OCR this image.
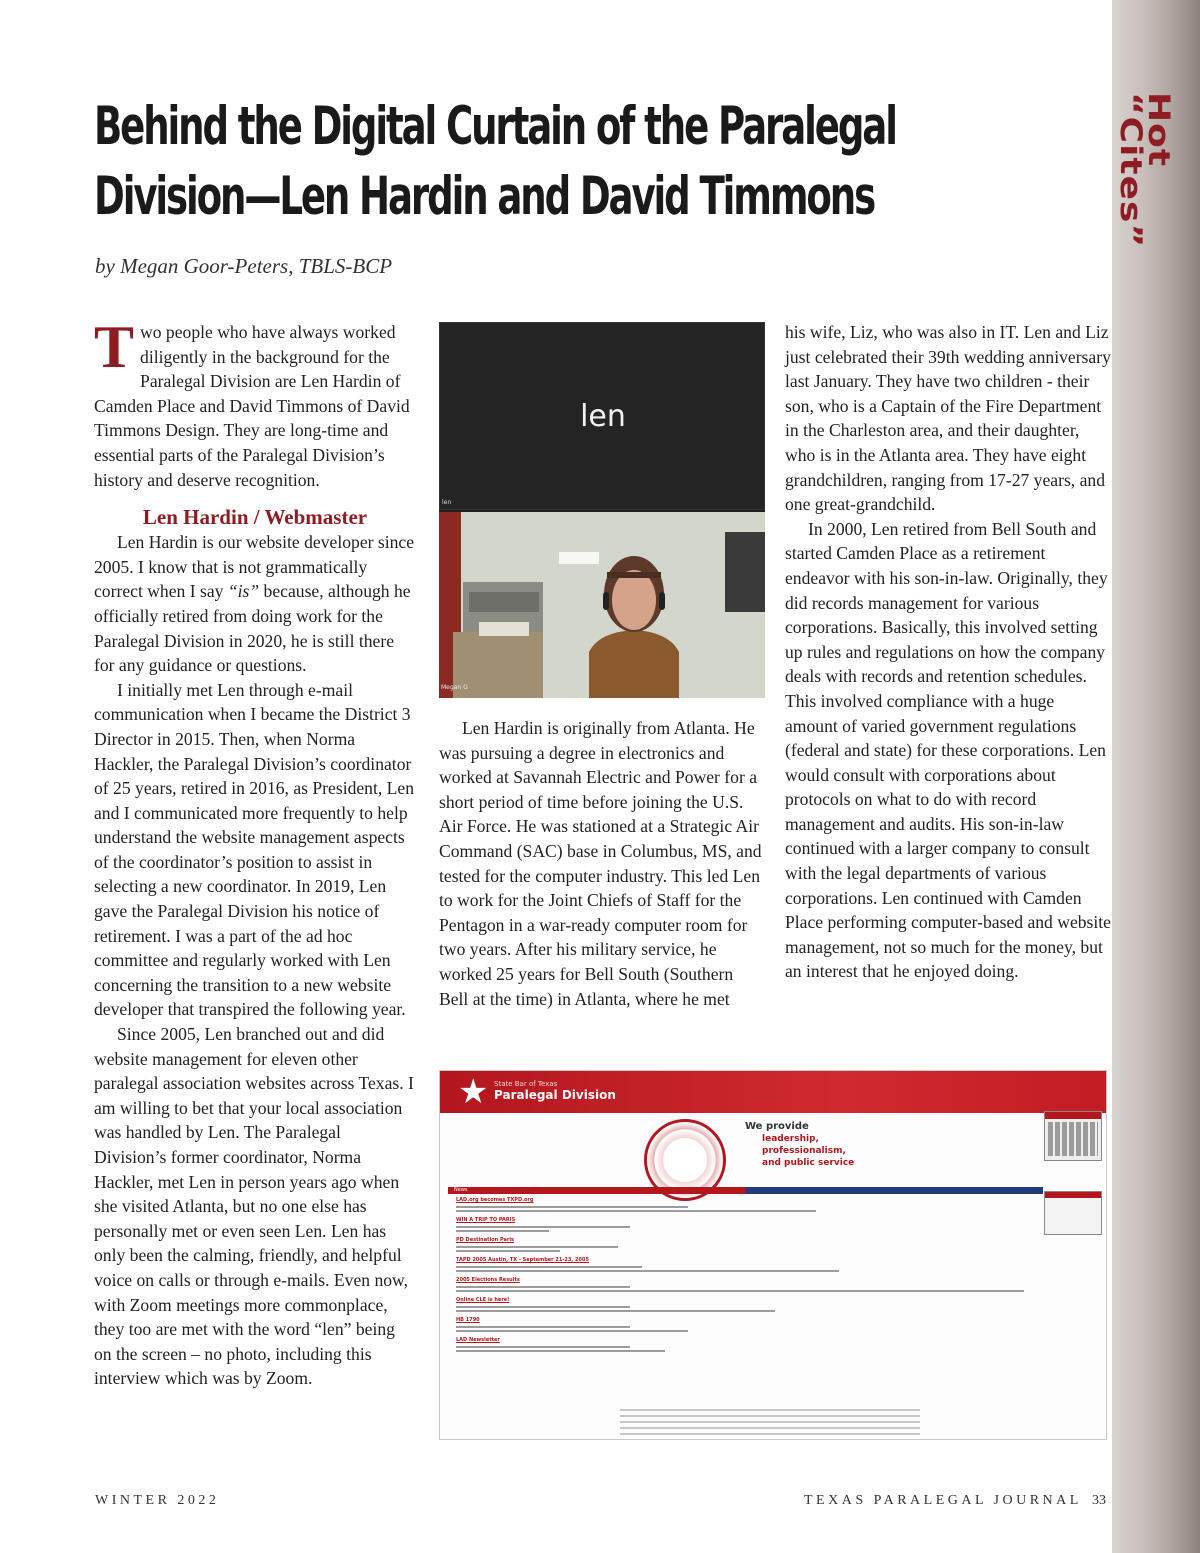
Hot “Cites”
Behind the Digital Curtain of the Paralegal
Division—Len Hardin and David Timmons
by Megan Goor-Peters, TBLS-BCP

Two people who have always worked diligently in the background for the Paralegal Division are Len Hardin of Camden Place and David Timmons of David Timmons Design. They are long-time and essential parts of the Paralegal Division’s history and deserve recognition.

Len Hardin / Webmaster

Len Hardin is our website developer since 2005. I know that is not grammatically correct when I say “is” because, although he officially retired from doing work for the Paralegal Division in 2020, he is still there for any guidance or questions.

I initially met Len through e-mail communication when I became the District 3 Director in 2015. Then, when Norma Hackler, the Paralegal Division’s coordinator of 25 years, retired in 2016, as President, Len and I communicated more frequently to help understand the website management aspects of the coordinator’s position to assist in selecting a new coordinator. In 2019, Len gave the Paralegal Division his notice of retirement. I was a part of the ad hoc committee and regularly worked with Len concerning the transition to a new website developer that transpired the following year.

Since 2005, Len branched out and did website management for eleven other paralegal association websites across Texas. I am willing to bet that your local association was handled by Len. The Paralegal Division’s former coordinator, Norma Hackler, met Len in person years ago when she visited Atlanta, but no one else has personally met or even seen Len. Len has only been the calming, friendly, and helpful voice on calls or through e-mails. Even now, with Zoom meetings more commonplace, they too are met with the word “len” being on the screen – no photo, including this interview which was by Zoom.

len
len
Megan G

Len Hardin is originally from Atlanta. He was pursuing a degree in electronics and worked at Savannah Electric and Power for a short period of time before joining the U.S. Air Force. He was stationed at a Strategic Air Command (SAC) base in Columbus, MS, and tested for the computer industry. This led Len to work for the Joint Chiefs of Staff for the Pentagon in a war-ready computer room for two years. After his military service, he worked 25 years for Bell South (Southern Bell at the time) in Atlanta, where he met

his wife, Liz, who was also in IT. Len and Liz just celebrated their 39th wedding anniversary last January. They have two children - their son, who is a Captain of the Fire Department in the Charleston area, and their daughter, who is in the Atlanta area. They have eight grandchildren, ranging from 17-27 years, and one great-grandchild.

In 2000, Len retired from Bell South and started Camden Place as a retirement endeavor with his son-in-law. Originally, they did records management for various corporations. Basically, this involved setting up rules and regulations on how the company deals with records and retention schedules. This involved compliance with a huge amount of varied government regulations (federal and state) for these corporations. Len would consult with corporations about protocols on what to do with record management and audits. His son-in-law continued with a larger company to consult with the legal departments of various corporations. Len continued with Camden Place performing computer-based and website management, not so much for the money, but an interest that he enjoyed doing.

★ State Bar of Texas
Paralegal Division
We provide
leadership,
professionalism,
and public service
News
LAD.org becomes TXPD.org
WIN A TRIP TO PARIS
PD Destination Paris
TAPD 2005 Austin, TX - September 21-23, 2005
2005 Elections Results
Online CLE is here!
HB 1790
LAD Newsletter
WINTER 2022	TEXAS PARALEGAL JOURNAL 33
